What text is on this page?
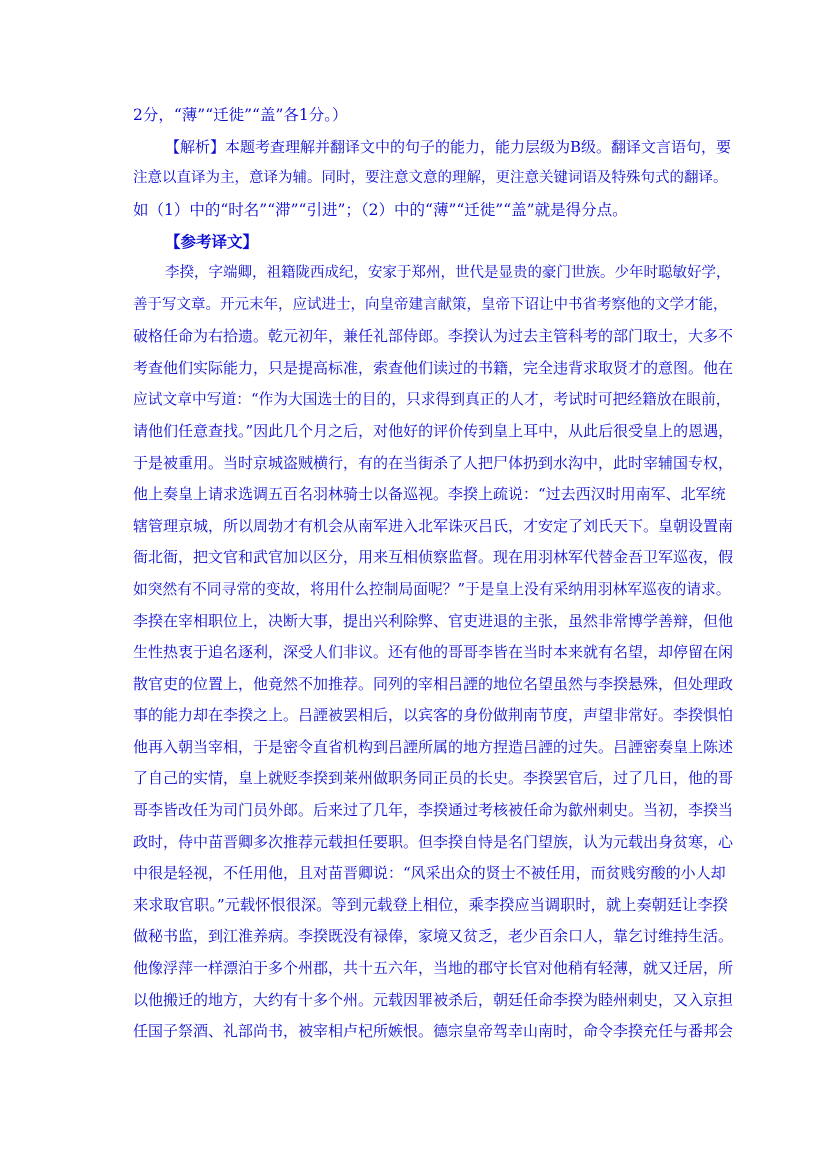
2分，“薄”“迁徙”“盖”各1分。）
【解析】本题考查理解并翻译文中的句子的能力，能力层级为B级。翻译文言语句，要
注意以直译为主，意译为辅。同时，要注意文意的理解，更注意关键词语及特殊句式的翻译。
如（1）中的“时名”“滞”“引进”；（2）中的“薄”“迁徙”“盖”就是得分点。
【参考译文】
李揆，字端卿，祖籍陇西成纪，安家于郑州，世代是显贵的豪门世族。少年时聪敏好学，
善于写文章。开元末年，应试进士，向皇帝建言献策，皇帝下诏让中书省考察他的文学才能，
破格任命为右拾遗。乾元初年，兼任礼部侍郎。李揆认为过去主管科考的部门取士，大多不
考查他们实际能力，只是提高标准，索查他们读过的书籍，完全违背求取贤才的意图。他在
应试文章中写道：“作为大国选士的目的，只求得到真正的人才，考试时可把经籍放在眼前，
请他们任意查找。”因此几个月之后，对他好的评价传到皇上耳中，从此后很受皇上的恩遇，
于是被重用。当时京城盗贼横行，有的在当街杀了人把尸体扔到水沟中，此时宰辅国专权，
他上奏皇上请求选调五百名羽林骑士以备巡视。李揆上疏说：“过去西汉时用南军、北军统
辖管理京城，所以周勃才有机会从南军进入北军诛灭吕氏，才安定了刘氏天下。皇朝设置南
衙北衙，把文官和武官加以区分，用来互相侦察监督。现在用羽林军代替金吾卫军巡夜，假
如突然有不同寻常的变故，将用什么控制局面呢？”于是皇上没有采纳用羽林军巡夜的请求。
李揆在宰相职位上，决断大事，提出兴利除弊、官吏进退的主张，虽然非常博学善辩，但他
生性热衷于追名逐利，深受人们非议。还有他的哥哥李皆在当时本来就有名望，却停留在闲
散官吏的位置上，他竟然不加推荐。同列的宰相吕諲的地位名望虽然与李揆悬殊，但处理政
事的能力却在李揆之上。吕諲被罢相后，以宾客的身份做荆南节度，声望非常好。李揆惧怕
他再入朝当宰相，于是密令直省机构到吕諲所属的地方捏造吕諲的过失。吕諲密奏皇上陈述
了自己的实情，皇上就贬李揆到莱州做职务同正员的长史。李揆罢官后，过了几日，他的哥
哥李皆改任为司门员外郎。后来过了几年，李揆通过考核被任命为歙州刺史。当初，李揆当
政时，侍中苗晋卿多次推荐元载担任要职。但李揆自恃是名门望族，认为元载出身贫寒，心
中很是轻视，不任用他，且对苗晋卿说：“风采出众的贤士不被任用，而贫贱穷酸的小人却
来求取官职。”元载怀恨很深。等到元载登上相位，乘李揆应当调职时，就上奏朝廷让李揆
做秘书监，到江淮养病。李揆既没有禄俸，家境又贫乏，老少百余口人，靠乞讨维持生活。
他像浮萍一样漂泊于多个州郡，共十五六年，当地的郡守长官对他稍有轻薄，就又迁居，所
以他搬迁的地方，大约有十多个州。元载因罪被杀后，朝廷任命李揆为睦州刺史，又入京担
任国子祭酒、礼部尚书，被宰相卢杞所嫉恨。德宗皇帝驾幸山南时，命令李揆充任与番邦会
